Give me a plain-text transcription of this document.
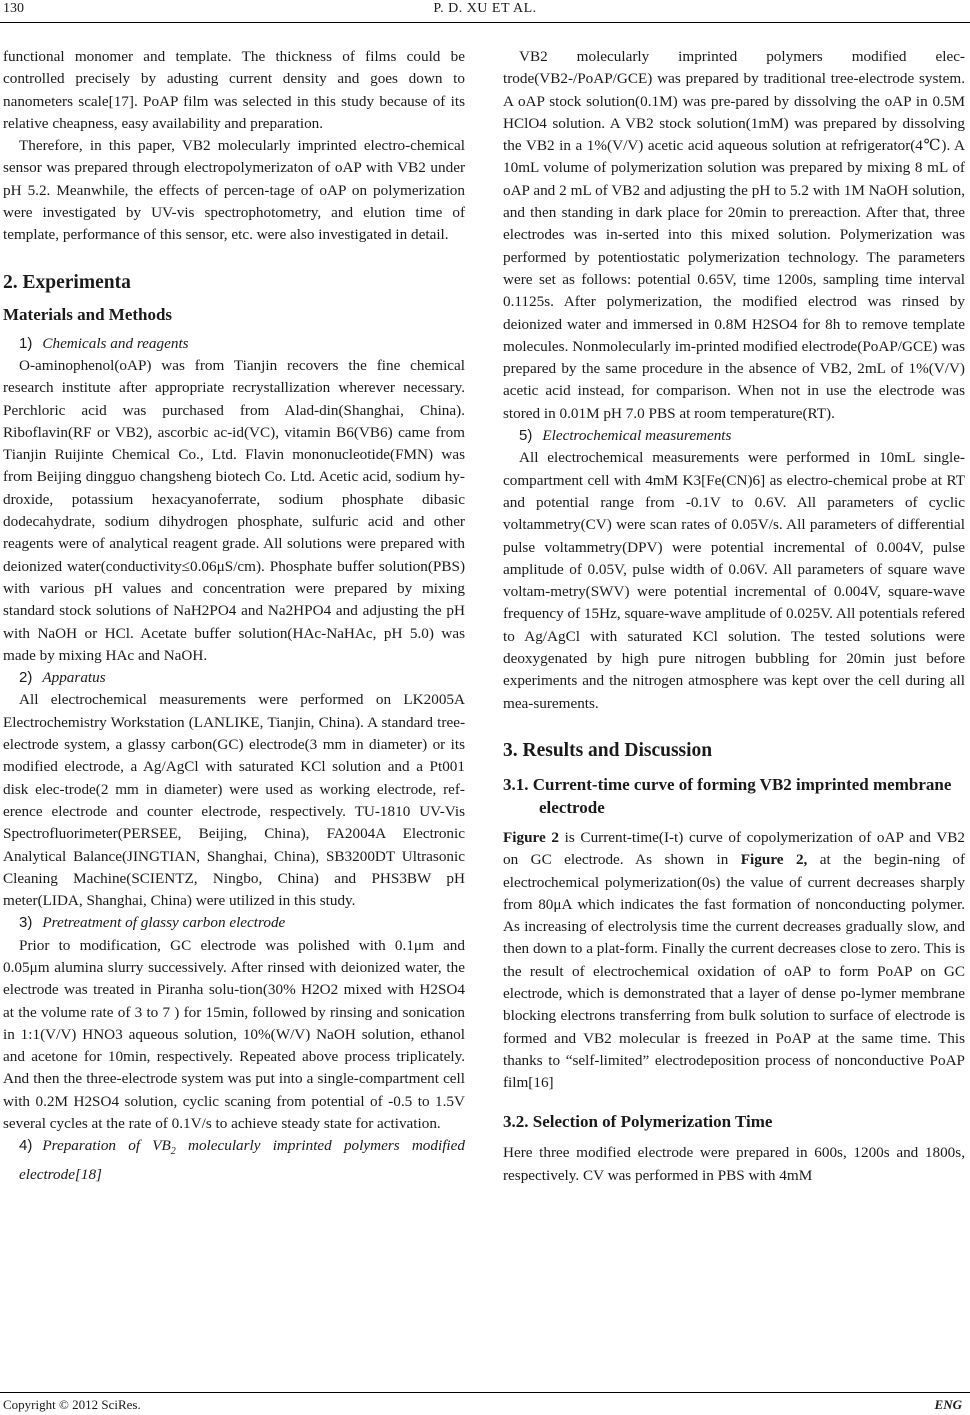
130	P. D. XU ET AL.

functional monomer and template. The thickness of films could be controlled precisely by adusting current density and goes down to nanometers scale[17]. PoAP film was selected in this study because of its relative cheapness, easy availability and preparation.

Therefore, in this paper, VB2 molecularly imprinted electro-chemical sensor was prepared through electropolymerizaton of oAP with VB2 under pH 5.2. Meanwhile, the effects of percen-tage of oAP on polymerization were investigated by UV-vis spectrophotometry, and elution time of template, performance of this sensor, etc. were also investigated in detail.

2. Experimenta
Materials and Methods
1) Chemicals and reagents

O-aminophenol(oAP) was from Tianjin recovers the fine chemical research institute after appropriate recrystallization wherever necessary. Perchloric acid was purchased from Alad-din(Shanghai, China). Riboflavin(RF or VB2), ascorbic ac-id(VC), vitamin B6(VB6) came from Tianjin Ruijinte Chemical Co., Ltd. Flavin mononucleotide(FMN) was from Beijing dingguo changsheng biotech Co. Ltd. Acetic acid, sodium hy-droxide, potassium hexacyanoferrate, sodium phosphate dibasic dodecahydrate, sodium dihydrogen phosphate, sulfuric acid and other reagents were of analytical reagent grade. All solutions were prepared with deionized water(conductivity≤0.06μS/cm). Phosphate buffer solution(PBS) with various pH values and concentration were prepared by mixing standard stock solutions of NaH2PO4 and Na2HPO4 and adjusting the pH with NaOH or HCl. Acetate buffer solution(HAc-NaHAc, pH 5.0) was made by mixing HAc and NaOH.

2) Apparatus

All electrochemical measurements were performed on LK2005A Electrochemistry Workstation (LANLIKE, Tianjin, China). A standard tree-electrode system, a glassy carbon(GC) electrode(3 mm in diameter) or its modified electrode, a Ag/AgCl with saturated KCl solution and a Pt001 disk elec-trode(2 mm in diameter) were used as working electrode, ref-erence electrode and counter electrode, respectively. TU-1810 UV-Vis Spectrofluorimeter(PERSEE, Beijing, China), FA2004A Electronic Analytical Balance(JINGTIAN, Shanghai, China), SB3200DT Ultrasonic Cleaning Machine(SCIENTZ, Ningbo, China) and PHS3BW pH meter(LIDA, Shanghai, China) were utilized in this study.

3) Pretreatment of glassy carbon electrode

Prior to modification, GC electrode was polished with 0.1μm and 0.05μm alumina slurry successively. After rinsed with deionized water, the electrode was treated in Piranha solu-tion(30% H2O2 mixed with H2SO4 at the volume rate of 3 to 7 ) for 15min, followed by rinsing and sonication in 1:1(V/V) HNO3 aqueous solution, 10%(W/V) NaOH solution, ethanol and acetone for 10min, respectively. Repeated above process triplicately. And then the three-electrode system was put into a single-compartment cell with 0.2M H2SO4 solution, cyclic scaning from potential of -0.5 to 1.5V several cycles at the rate of 0.1V/s to achieve steady state for activation.

4) Preparation of $VB_2$ molecularly imprinted polymers modified electrode[18]

VB2 molecularly imprinted polymers modified elec-trode(VB2-/PoAP/GCE) was prepared by traditional tree-electrode system. A oAP stock solution(0.1M) was pre-pared by dissolving the oAP in 0.5M HClO4 solution. A VB2 stock solution(1mM) was prepared by dissolving the VB2 in a 1%(V/V) acetic acid aqueous solution at refrigerator(4℃). A 10mL volume of polymerization solution was prepared by mixing 8 mL of oAP and 2 mL of VB2 and adjusting the pH to 5.2 with 1M NaOH solution, and then standing in dark place for 20min to prereaction. After that, three electrodes was in-serted into this mixed solution. Polymerization was performed by potentiostatic polymerization technology. The parameters were set as follows: potential 0.65V, time 1200s, sampling time interval 0.1125s. After polymerization, the modified electrod was rinsed by deionized water and immersed in 0.8M H2SO4 for 8h to remove template molecules. Nonmolecularly im-printed modified electrode(PoAP/GCE) was prepared by the same procedure in the absence of VB2, 2mL of 1%(V/V) acetic acid instead, for comparison. When not in use the electrode was stored in 0.01M pH 7.0 PBS at room temperature(RT).

5) Electrochemical measurements

All electrochemical measurements were performed in 10mL single-compartment cell with 4mM K3[Fe(CN)6] as electro-chemical probe at RT and potential range from -0.1V to 0.6V. All parameters of cyclic voltammetry(CV) were scan rates of 0.05V/s. All parameters of differential pulse voltammetry(DPV) were potential incremental of 0.004V, pulse amplitude of 0.05V, pulse width of 0.06V. All parameters of square wave voltam-metry(SWV) were potential incremental of 0.004V, square-wave frequency of 15Hz, square-wave amplitude of 0.025V. All potentials refered to Ag/AgCl with saturated KCl solution. The tested solutions were deoxygenated by high pure nitrogen bubbling for 20min just before experiments and the nitrogen atmosphere was kept over the cell during all mea-surements.

3. Results and Discussion
3.1. Current-time curve of forming VB2 imprinted membrane electrode

Figure 2 is Current-time(I-t) curve of copolymerization of oAP and VB2 on GC electrode. As shown in Figure 2, at the begin-ning of electrochemical polymerization(0s) the value of current decreases sharply from 80μA which indicates the fast formation of nonconducting polymer. As increasing of electrolysis time the current decreases gradually slow, and then down to a plat-form. Finally the current decreases close to zero. This is the result of electrochemical oxidation of oAP to form PoAP on GC electrode, which is demonstrated that a layer of dense po-lymer membrane blocking electrons transferring from bulk solution to surface of electrode is formed and VB2 molecular is freezed in PoAP at the same time. This thanks to “self-limited” electrodeposition process of nonconductive PoAP film[16]

3.2. Selection of Polymerization Time

Here three modified electrode were prepared in 600s, 1200s and 1800s, respectively. CV was performed in PBS with 4mM

Copyright © 2012 SciRes.	ENG
